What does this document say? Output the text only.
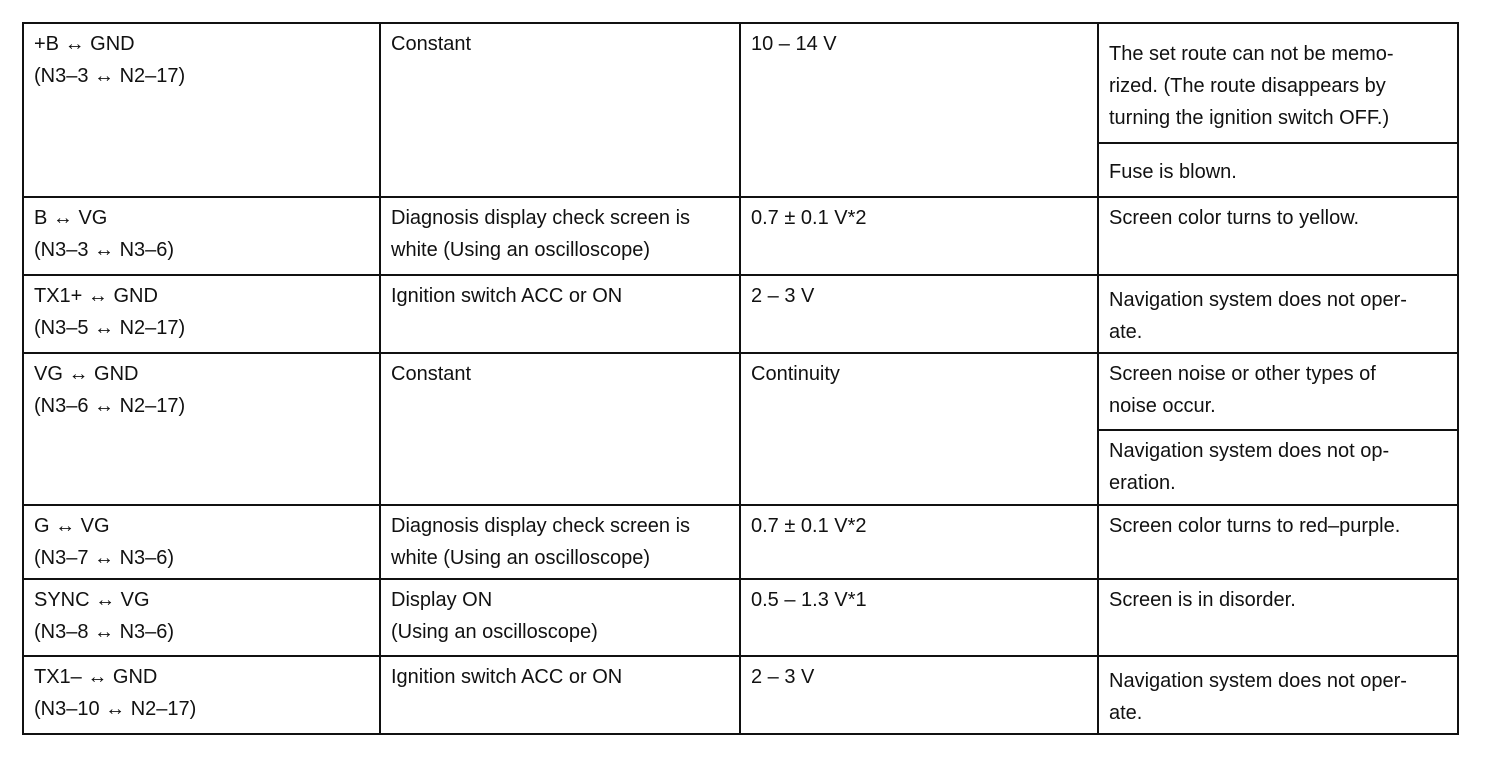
+B ↔ GND
(N3–3 ↔ N2–17)	Constant	10 – 14 V	The set route can not be memo-
rized. (The route disappears by
turning the ignition switch OFF.)

			Fuse is blown.

B ↔ VG
(N3–3 ↔ N3–6)	Diagnosis display check screen is
white (Using an oscilloscope)	0.7 ± 0.1 V*2	Screen color turns to yellow.

TX1+ ↔ GND
(N3–5 ↔ N2–17)	Ignition switch ACC or ON	2 – 3 V	Navigation system does not oper-
ate.

VG ↔ GND
(N3–6 ↔ N2–17)	Constant	Continuity	Screen noise or other types of
noise occur.

			Navigation system does not op-
eration.

G ↔ VG
(N3–7 ↔ N3–6)	Diagnosis display check screen is
white (Using an oscilloscope)	0.7 ± 0.1 V*2	Screen color turns to red–purple.

SYNC ↔ VG
(N3–8 ↔ N3–6)	Display ON
(Using an oscilloscope)	0.5 – 1.3 V*1	Screen is in disorder.

TX1– ↔ GND
(N3–10 ↔ N2–17)	Ignition switch ACC or ON	2 – 3 V	Navigation system does not oper-
ate.
